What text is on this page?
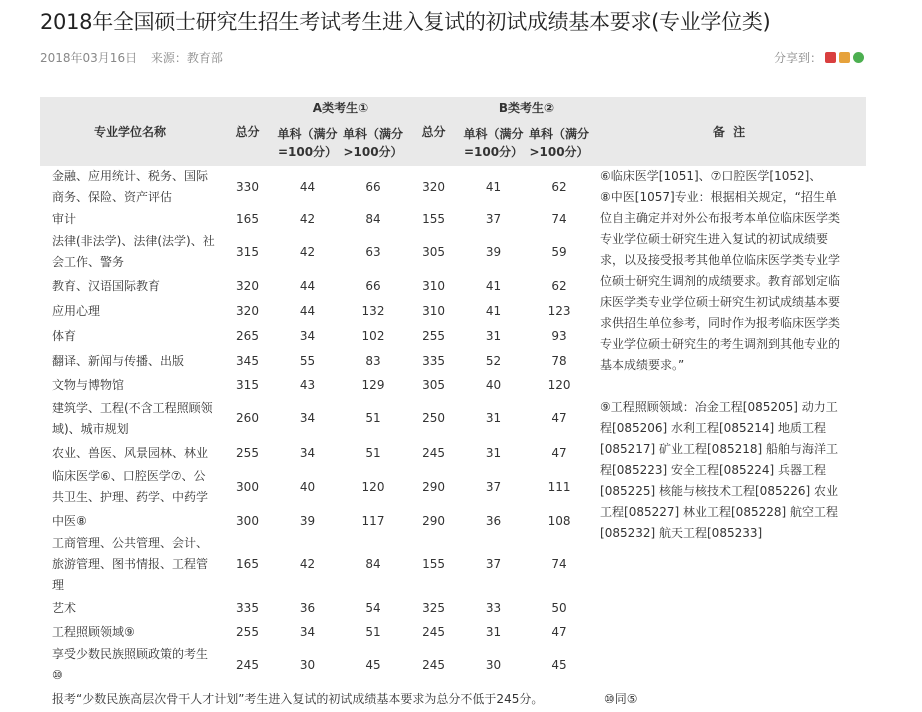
2018年全国硕士研究生招生考试考生进入复试的初试成绩基本要求(专业学位类)
2018年03月16日 来源：教育部	分享到：
专业学位名称	总分	A类考生①		总分	B类考生②		备  注
		单科（满分=100分）	单科（满分>100分）		单科（满分=100分）	单科（满分>100分）	
金融、应用统计、税务、国际商务、保险、资产评估	330	44	66	320	41	62	⑥临床医学[1051]、⑦口腔医学[1052]、
⑧中医[1057]专业：根据相关规定，“招生单位自主确定并对外公布报考本单位临床医学类专业学位硕士研究生进入复试的初试成绩要求，以及接受报考其他单位临床医学类专业学位硕士研究生调剂的成绩要求。教育部划定临床医学类专业学位硕士研究生初试成绩基本要求供招生单位参考，同时作为报考临床医学类专业学位硕士研究生的考生调剂到其他专业的基本成绩要求。”
⑨工程照顾领域：冶金工程[085205] 动力工程[085206] 水利工程[085214] 地质工程[085217] 矿业工程[085218] 船舶与海洋工程[085223] 安全工程[085224] 兵器工程[085225] 核能与核技术工程[085226] 农业工程[085227] 林业工程[085228] 航空工程[085232] 航天工程[085233]

审计	165	42	84	155	37	74	
法律(非法学)、法律(法学)、社会工作、警务	315	42	63	305	39	59	
教育、汉语国际教育	320	44	66	310	41	62	
应用心理	320	44	132	310	41	123	
体育	265	34	102	255	31	93	
翻译、新闻与传播、出版	345	55	83	335	52	78	
文物与博物馆	315	43	129	305	40	120	
建筑学、工程(不含工程照顾领域)、城市规划	260	34	51	250	31	47	
农业、兽医、风景园林、林业	255	34	51	245	31	47	
临床医学⑥、口腔医学⑦、公共卫生、护理、药学、中药学	300	40	120	290	37	111	
中医⑧	300	39	117	290	36	108	
工商管理、公共管理、会计、旅游管理、图书情报、工程管理	165	42	84	155	37	74	
艺术	335	36	54	325	33	50	
工程照顾领域⑨	255	34	51	245	31	47	
享受少数民族照顾政策的考生⑩	245	30	45	245	30	45	
报考“少数民族高层次骨干人才计划”考生进入复试的初试成绩基本要求为总分不低于245分。							⑩同⑤
